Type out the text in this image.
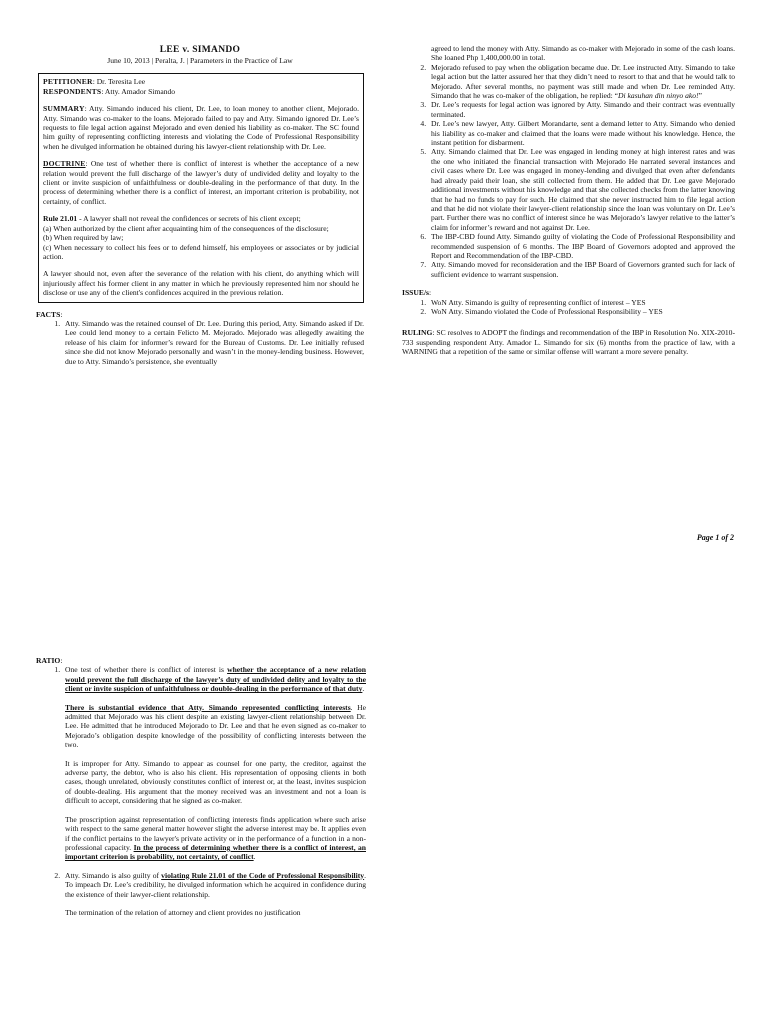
LEE v. SIMANDO
June 10, 2013 | Peralta, J. | Parameters in the Practice of Law
PETITIONER: Dr. Teresita Lee

RESPONDENTS: Atty. Amador Simando

SUMMARY: Atty. Simando induced his client, Dr. Lee, to loan money to another client, Mejorado. Atty. Simando was co-maker to the loans. Mejorado failed to pay and Atty. Simando ignored Dr. Lee’s requests to file legal action against Mejorado and even denied his liability as co-maker. The SC found him guilty of representing conflicting interests and violating the Code of Professional Responsibility when he divulged information he obtained during his lawyer-client relationship with Dr. Lee.

DOCTRINE: One test of whether there is conflict of interest is whether the acceptance of a new relation would prevent the full discharge of the lawyer’s duty of undivided delity and loyalty to the client or invite suspicion of unfaithfulness or double-dealing in the performance of that duty. In the process of determining whether there is a conflict of interest, an important criterion is probability, not certainty, of conflict.

Rule 21.01 - A lawyer shall not reveal the confidences or secrets of his client except;
(a) When authorized by the client after acquainting him of the consequences of the disclosure;
(b) When required by law;
(c) When necessary to collect his fees or to defend himself, his employees or associates or by judicial action.

A lawyer should not, even after the severance of the relation with his client, do anything which will injuriously affect his former client in any matter in which he previously represented him nor should he disclose or use any of the client's confidences acquired in the previous relation.

FACTS:
1. Atty. Simando was the retained counsel of Dr. Lee. During this period, Atty. Simando asked if Dr. Lee could lend money to a certain Felicto M. Mejorado. Mejorado was allegedly awaiting the release of his claim for informer’s reward for the Bureau of Customs. Dr. Lee initially refused since she did not know Mejorado personally and wasn’t in the money-lending business. However, due to Atty. Simando’s persistence, she eventually
agreed to lend the money with Atty. Simando as co-maker with Mejorado in some of the cash loans. She loaned Php 1,400,000.00 in total.
2. Mejorado refused to pay when the obligation became due. Dr. Lee instructed Atty. Simando to take legal action but the latter assured her that they didn’t need to resort to that and that he would talk to Mejorado. After several months, no payment was still made and when Dr. Lee reminded Atty. Simando that he was co-maker of the obligation, he replied: “Di kasuhan din ninyo ako!”
3. Dr. Lee’s requests for legal action was ignored by Atty. Simando and their contract was eventually terminated.
4. Dr. Lee’s new lawyer, Atty. Gilbert Morandarte, sent a demand letter to Atty. Simando who denied his liability as co-maker and claimed that the loans were made without his knowledge. Hence, the instant petition for disbarment.
5. Atty. Simando claimed that Dr. Lee was engaged in lending money at high interest rates and was the one who initiated the financial transaction with Mejorado He narrated several instances and civil cases where Dr. Lee was engaged in money-lending and divulged that even after defendants had already paid their loan, she still collected from them. He added that Dr. Lee gave Mejorado additional investments without his knowledge and that she collected checks from the latter knowing that he had no funds to pay for such. He claimed that she never instructed him to file legal action and that he did not violate their lawyer-client relationship since the loan was voluntary on Dr. Lee’s part. Further there was no conflict of interest since he was Mejorado’s lawyer relative to the latter’s claim for informer’s reward and not against Dr. Lee.
6. The IBP-CBD found Atty. Simando guilty of violating the Code of Professional Responsibility and recommended suspension of 6 months. The IBP Board of Governors adopted and approved the Report and Recommendation of the IBP-CBD.
7. Atty. Simando moved for reconsideration and the IBP Board of Governors granted such for lack of sufficient evidence to warrant suspension.
ISSUE/s:
1. WoN Atty. Simando is guilty of representing conflict of interest – YES
2. WoN Atty. Simando violated the Code of Professional Responsibility – YES

RULING: SC resolves to ADOPT the findings and recommendation of the IBP in Resolution No. XIX-2010-733 suspending respondent Atty. Amador L. Simando for six (6) months from the practice of law, with a WARNING that a repetition of the same or similar offense will warrant a more severe penalty.

Page 1 of 2
RATIO:

1. One test of whether there is conflict of interest is whether the acceptance of a new relation would prevent the full discharge of the lawyer’s duty of undivided delity and loyalty to the client or invite suspicion of unfaithfulness or double-dealing in the performance of that duty.

There is substantial evidence that Atty. Simando represented conflicting interests. He admitted that Mejorado was his client despite an existing lawyer-client relationship between Dr. Lee. He admitted that he introduced Mejorado to Dr. Lee and that he even signed as co-maker to Mejorado’s obligation despite knowledge of the possibility of conflicting interests between the two.

It is improper for Atty. Simando to appear as counsel for one party, the creditor, against the adverse party, the debtor, who is also his client. His representation of opposing clients in both cases, though unrelated, obviously constitutes conflict of interest or, at the least, invites suspicion of double-dealing. His argument that the money received was an investment and not a loan is difficult to accept, considering that he signed as co-maker.

The proscription against representation of conflicting interests finds application where such arise with respect to the same general matter however slight the adverse interest may be. It applies even if the conflict pertains to the lawyer's private activity or in the performance of a function in a non-professional capacity. In the process of determining whether there is a conflict of interest, an important criterion is probability, not certainty, of conflict.

2. Atty. Simando is also guilty of violating Rule 21.01 of the Code of Professional Responsibility. To impeach Dr. Lee’s credibility, he divulged information which he acquired in confidence during the existence of their lawyer-client relationship.

The termination of the relation of attorney and client provides no justification
